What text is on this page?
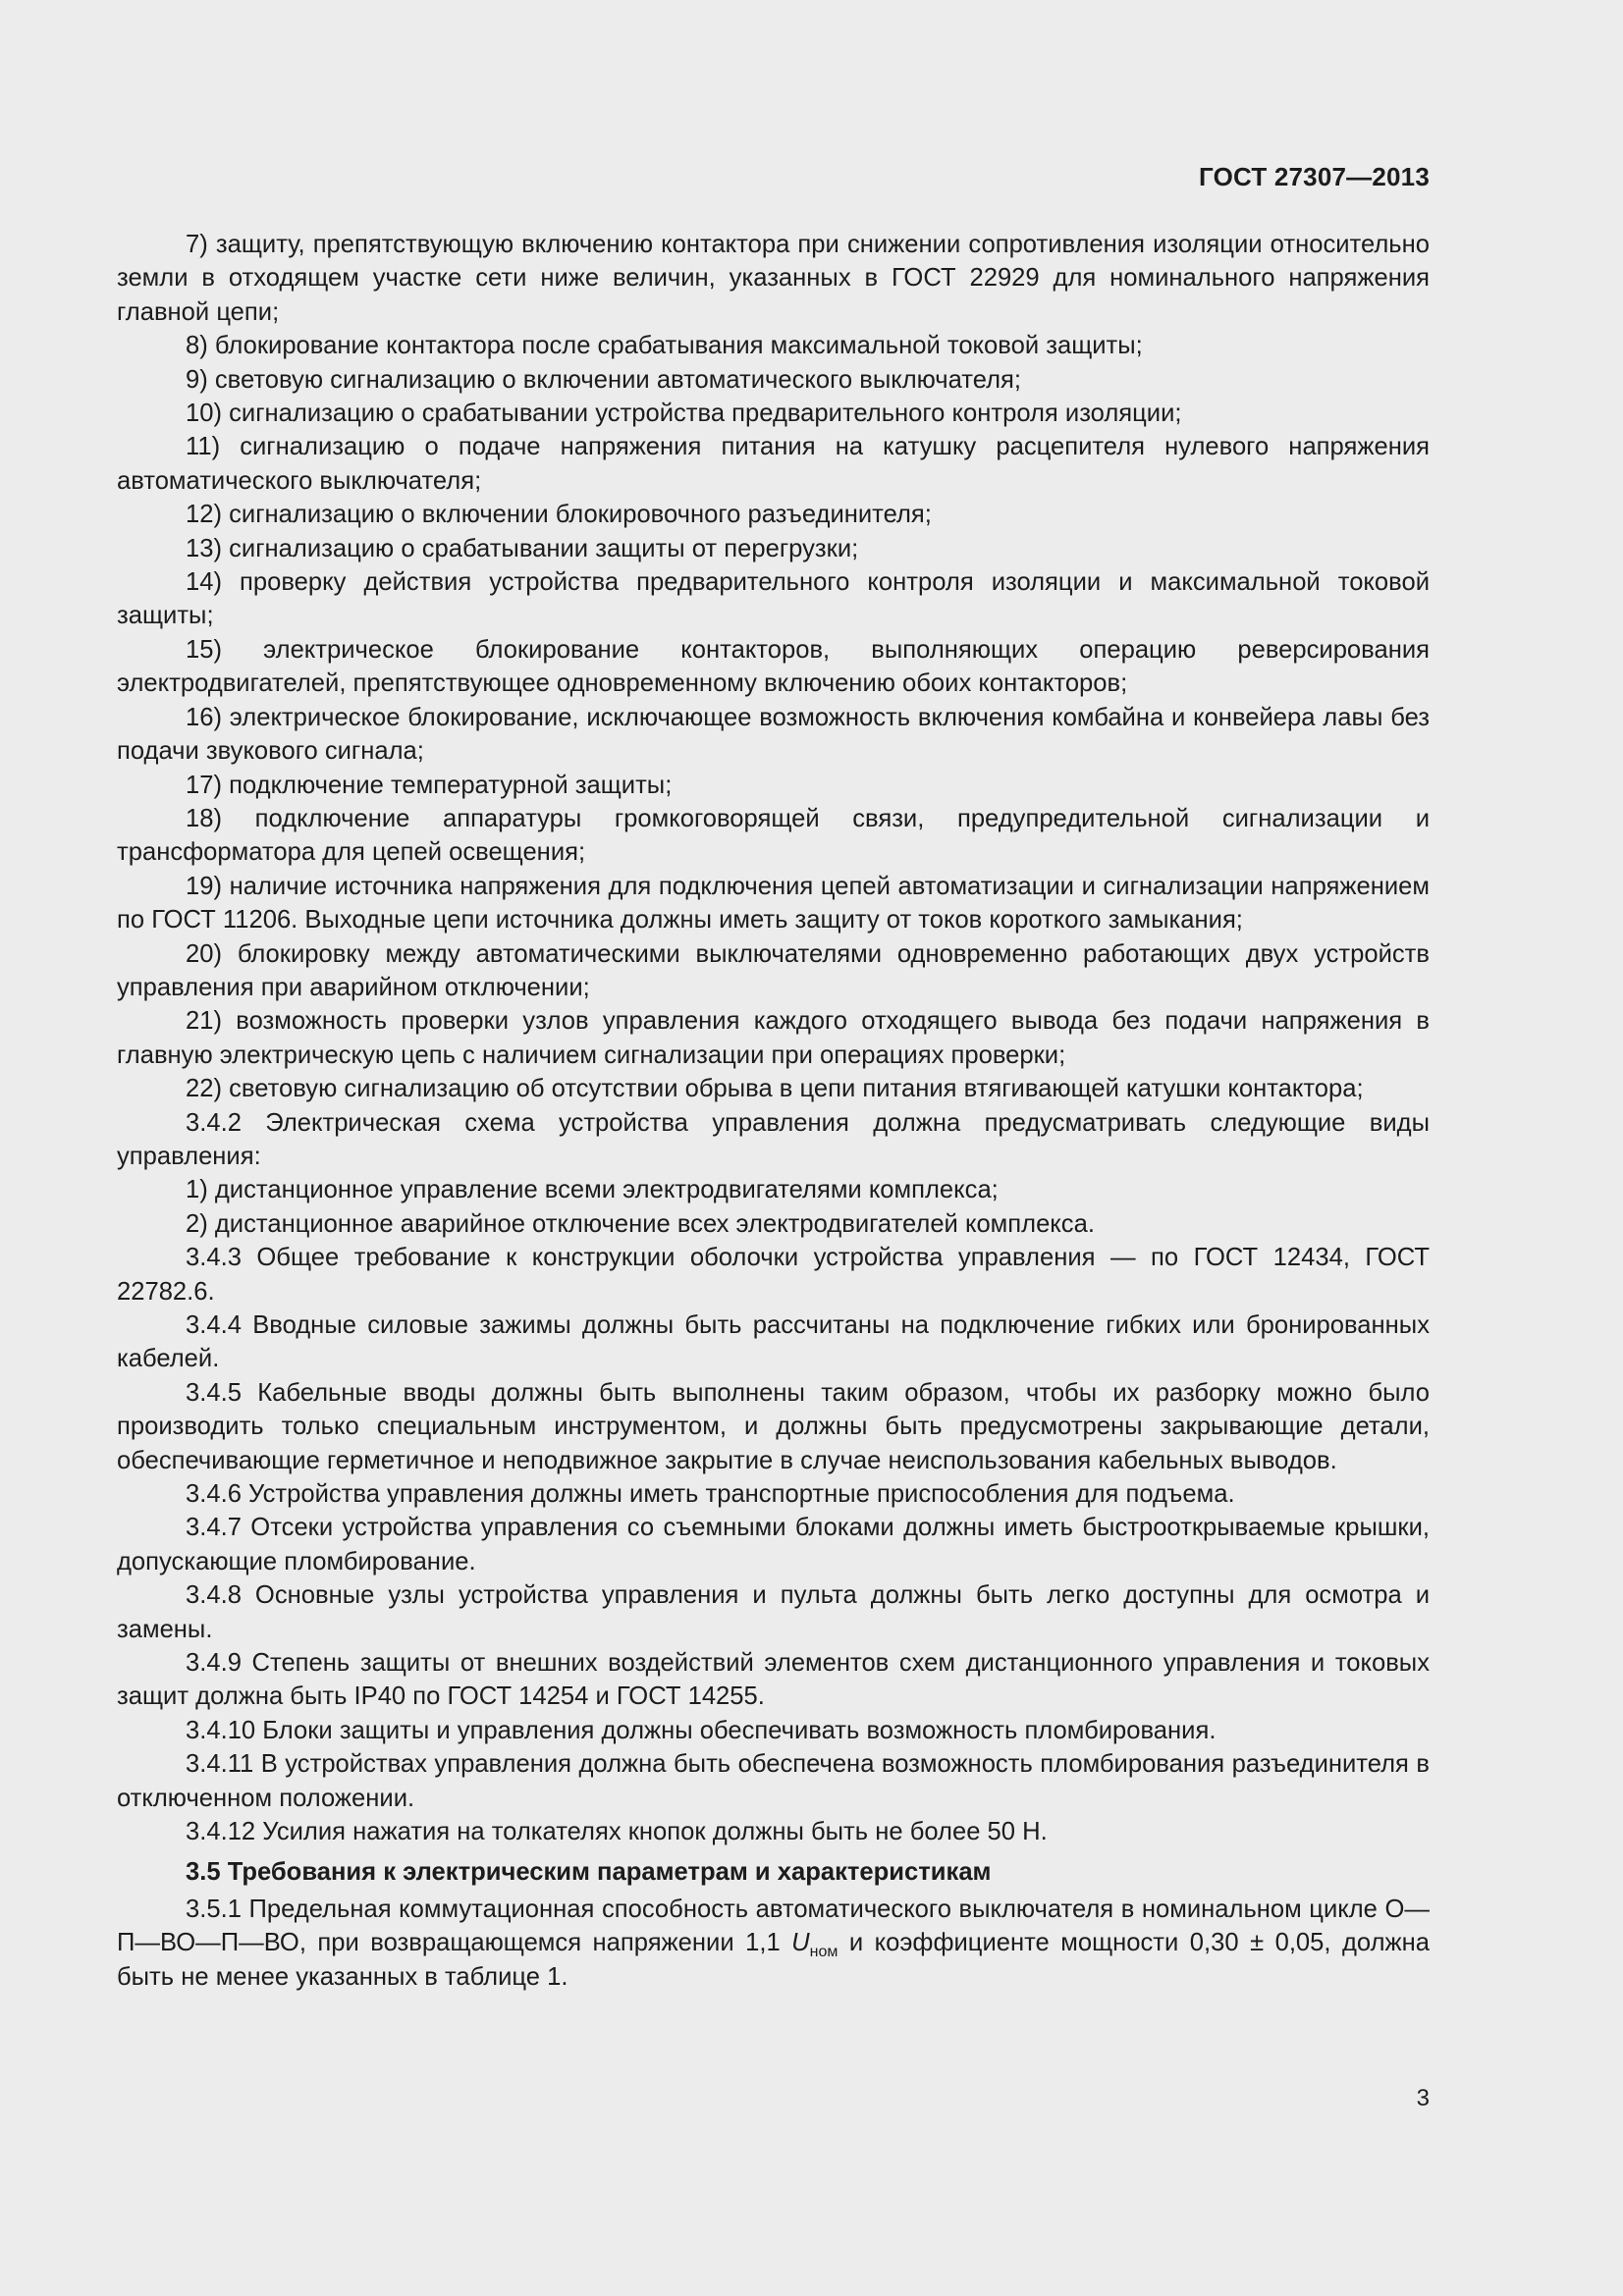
ГОСТ 27307—2013

7) защиту, препятствующую включению контактора при снижении сопротивления изоляции относительно земли в отходящем участке сети ниже величин, указанных в ГОСТ 22929 для номинального напряжения главной цепи;

8) блокирование контактора после срабатывания максимальной токовой защиты;

9) световую сигнализацию о включении автоматического выключателя;

10) сигнализацию о срабатывании устройства предварительного контроля изоляции;

11) сигнализацию о подаче напряжения питания на катушку расцепителя нулевого напряжения автоматического выключателя;

12) сигнализацию о включении блокировочного разъединителя;

13) сигнализацию о срабатывании защиты от перегрузки;

14) проверку действия устройства предварительного контроля изоляции и максимальной токовой защиты;

15) электрическое блокирование контакторов, выполняющих операцию реверсирования электродвигателей, препятствующее одновременному включению обоих контакторов;

16) электрическое блокирование, исключающее возможность включения комбайна и конвейера лавы без подачи звукового сигнала;

17) подключение температурной защиты;

18) подключение аппаратуры громкоговорящей связи, предупредительной сигнализации и трансформатора для цепей освещения;

19) наличие источника напряжения для подключения цепей автоматизации и сигнализации напряжением по ГОСТ 11206. Выходные цепи источника должны иметь защиту от токов короткого замыкания;

20) блокировку между автоматическими выключателями одновременно работающих двух устройств управления при аварийном отключении;

21) возможность проверки узлов управления каждого отходящего вывода без подачи напряжения в главную электрическую цепь с наличием сигнализации при операциях проверки;

22) световую сигнализацию об отсутствии обрыва в цепи питания втягивающей катушки контактора;

3.4.2 Электрическая схема устройства управления должна предусматривать следующие виды управления:

1) дистанционное управление всеми электродвигателями комплекса;

2) дистанционное аварийное отключение всех электродвигателей комплекса.

3.4.3 Общее требование к конструкции оболочки устройства управления — по ГОСТ 12434, ГОСТ 22782.6.

3.4.4 Вводные силовые зажимы должны быть рассчитаны на подключение гибких или бронированных кабелей.

3.4.5 Кабельные вводы должны быть выполнены таким образом, чтобы их разборку можно было производить только специальным инструментом, и должны быть предусмотрены закрывающие детали, обеспечивающие герметичное и неподвижное закрытие в случае неиспользования кабельных выводов.

3.4.6 Устройства управления должны иметь транспортные приспособления для подъема.

3.4.7 Отсеки устройства управления со съемными блоками должны иметь быстрооткрываемые крышки, допускающие пломбирование.

3.4.8 Основные узлы устройства управления и пульта должны быть легко доступны для осмотра и замены.

3.4.9 Степень защиты от внешних воздействий элементов схем дистанционного управления и токовых защит должна быть IP40 по ГОСТ 14254 и ГОСТ 14255.

3.4.10 Блоки защиты и управления должны обеспечивать возможность пломбирования.

3.4.11 В устройствах управления должна быть обеспечена возможность пломбирования разъединителя в отключенном положении.

3.4.12 Усилия нажатия на толкателях кнопок должны быть не более 50 Н.

3.5 Требования к электрическим параметрам и характеристикам

3.5.1 Предельная коммутационная способность автоматического выключателя в номинальном цикле О—П—ВО—П—ВО, при возвращающемся напряжении 1,1 $U_{ном}$ и коэффициенте мощности 0,30 ± 0,05, должна быть не менее указанных в таблице 1.

3
